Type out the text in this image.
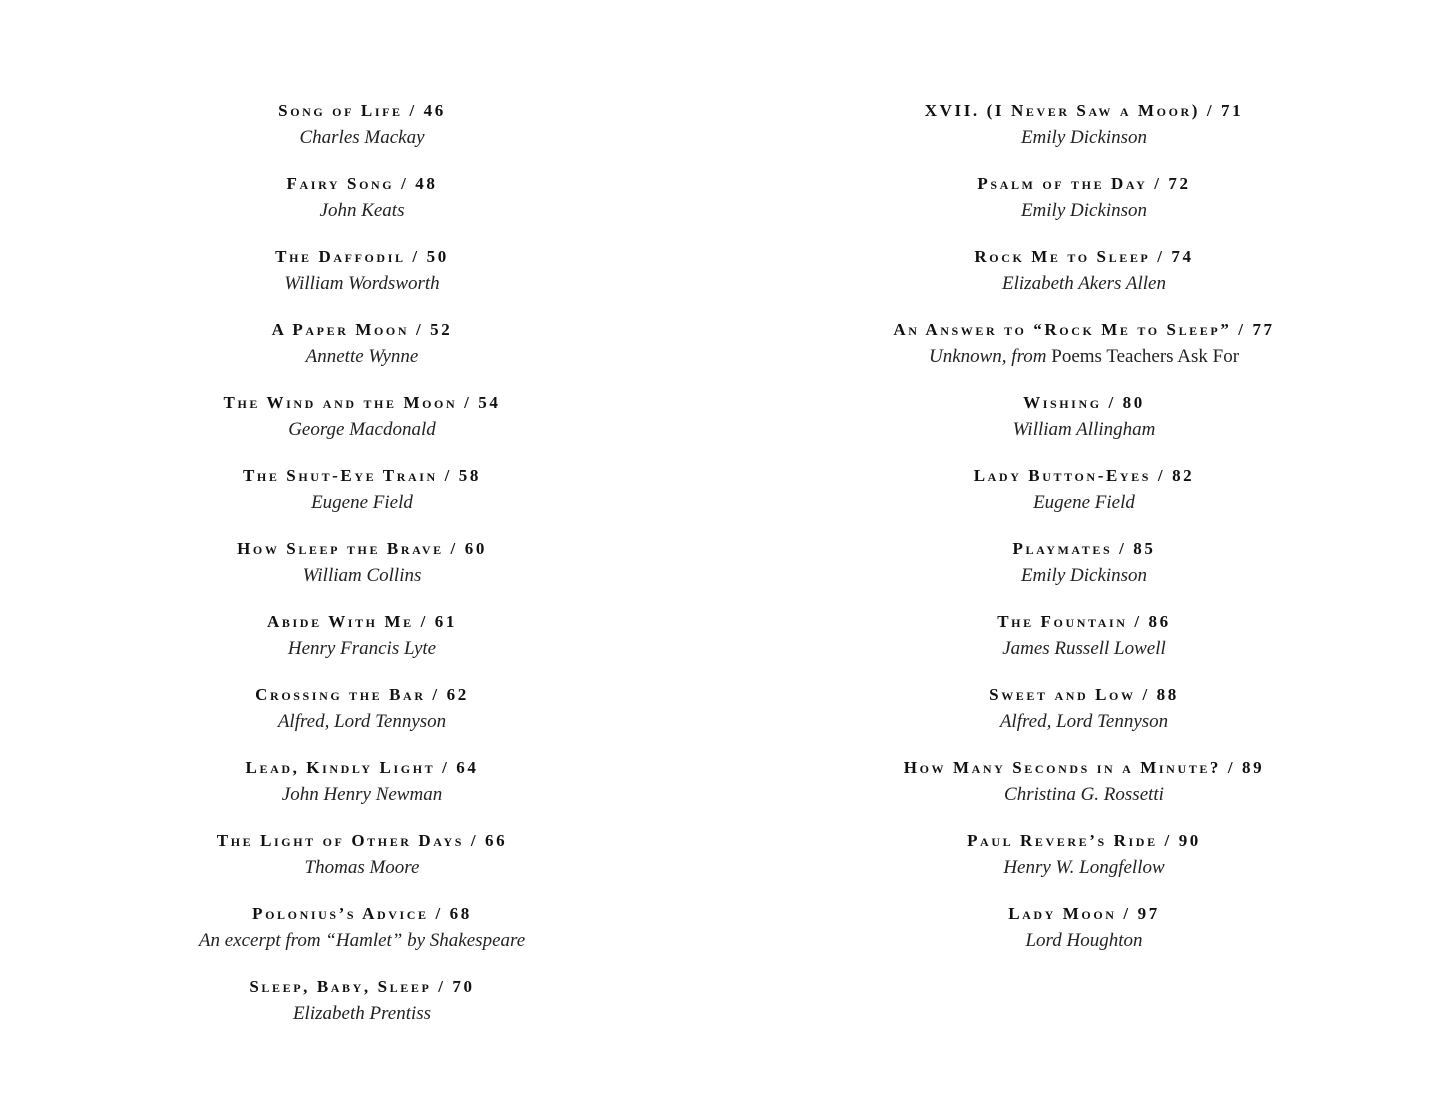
Song of Life / 46
Charles Mackay
Fairy Song / 48
John Keats
The Daffodil / 50
William Wordsworth
A Paper Moon / 52
Annette Wynne
The Wind and the Moon / 54
George Macdonald
The Shut-Eye Train / 58
Eugene Field
How Sleep the Brave / 60
William Collins
Abide With Me / 61
Henry Francis Lyte
Crossing the Bar / 62
Alfred, Lord Tennyson
Lead, Kindly Light / 64
John Henry Newman
The Light of Other Days / 66
Thomas Moore
Polonius’s Advice / 68
An excerpt from “Hamlet” by Shakespeare
Sleep, Baby, Sleep / 70
Elizabeth Prentiss
XVII. (I Never Saw a Moor) / 71
Emily Dickinson
Psalm of the Day / 72
Emily Dickinson
Rock Me to Sleep / 74
Elizabeth Akers Allen
An Answer to “Rock Me to Sleep” / 77
Unknown, from Poems Teachers Ask For
Wishing / 80
William Allingham
Lady Button-Eyes / 82
Eugene Field
Playmates / 85
Emily Dickinson
The Fountain / 86
James Russell Lowell
Sweet and Low / 88
Alfred, Lord Tennyson
How Many Seconds in a Minute? / 89
Christina G. Rossetti
Paul Revere’s Ride / 90
Henry W. Longfellow
Lady Moon / 97
Lord Houghton
